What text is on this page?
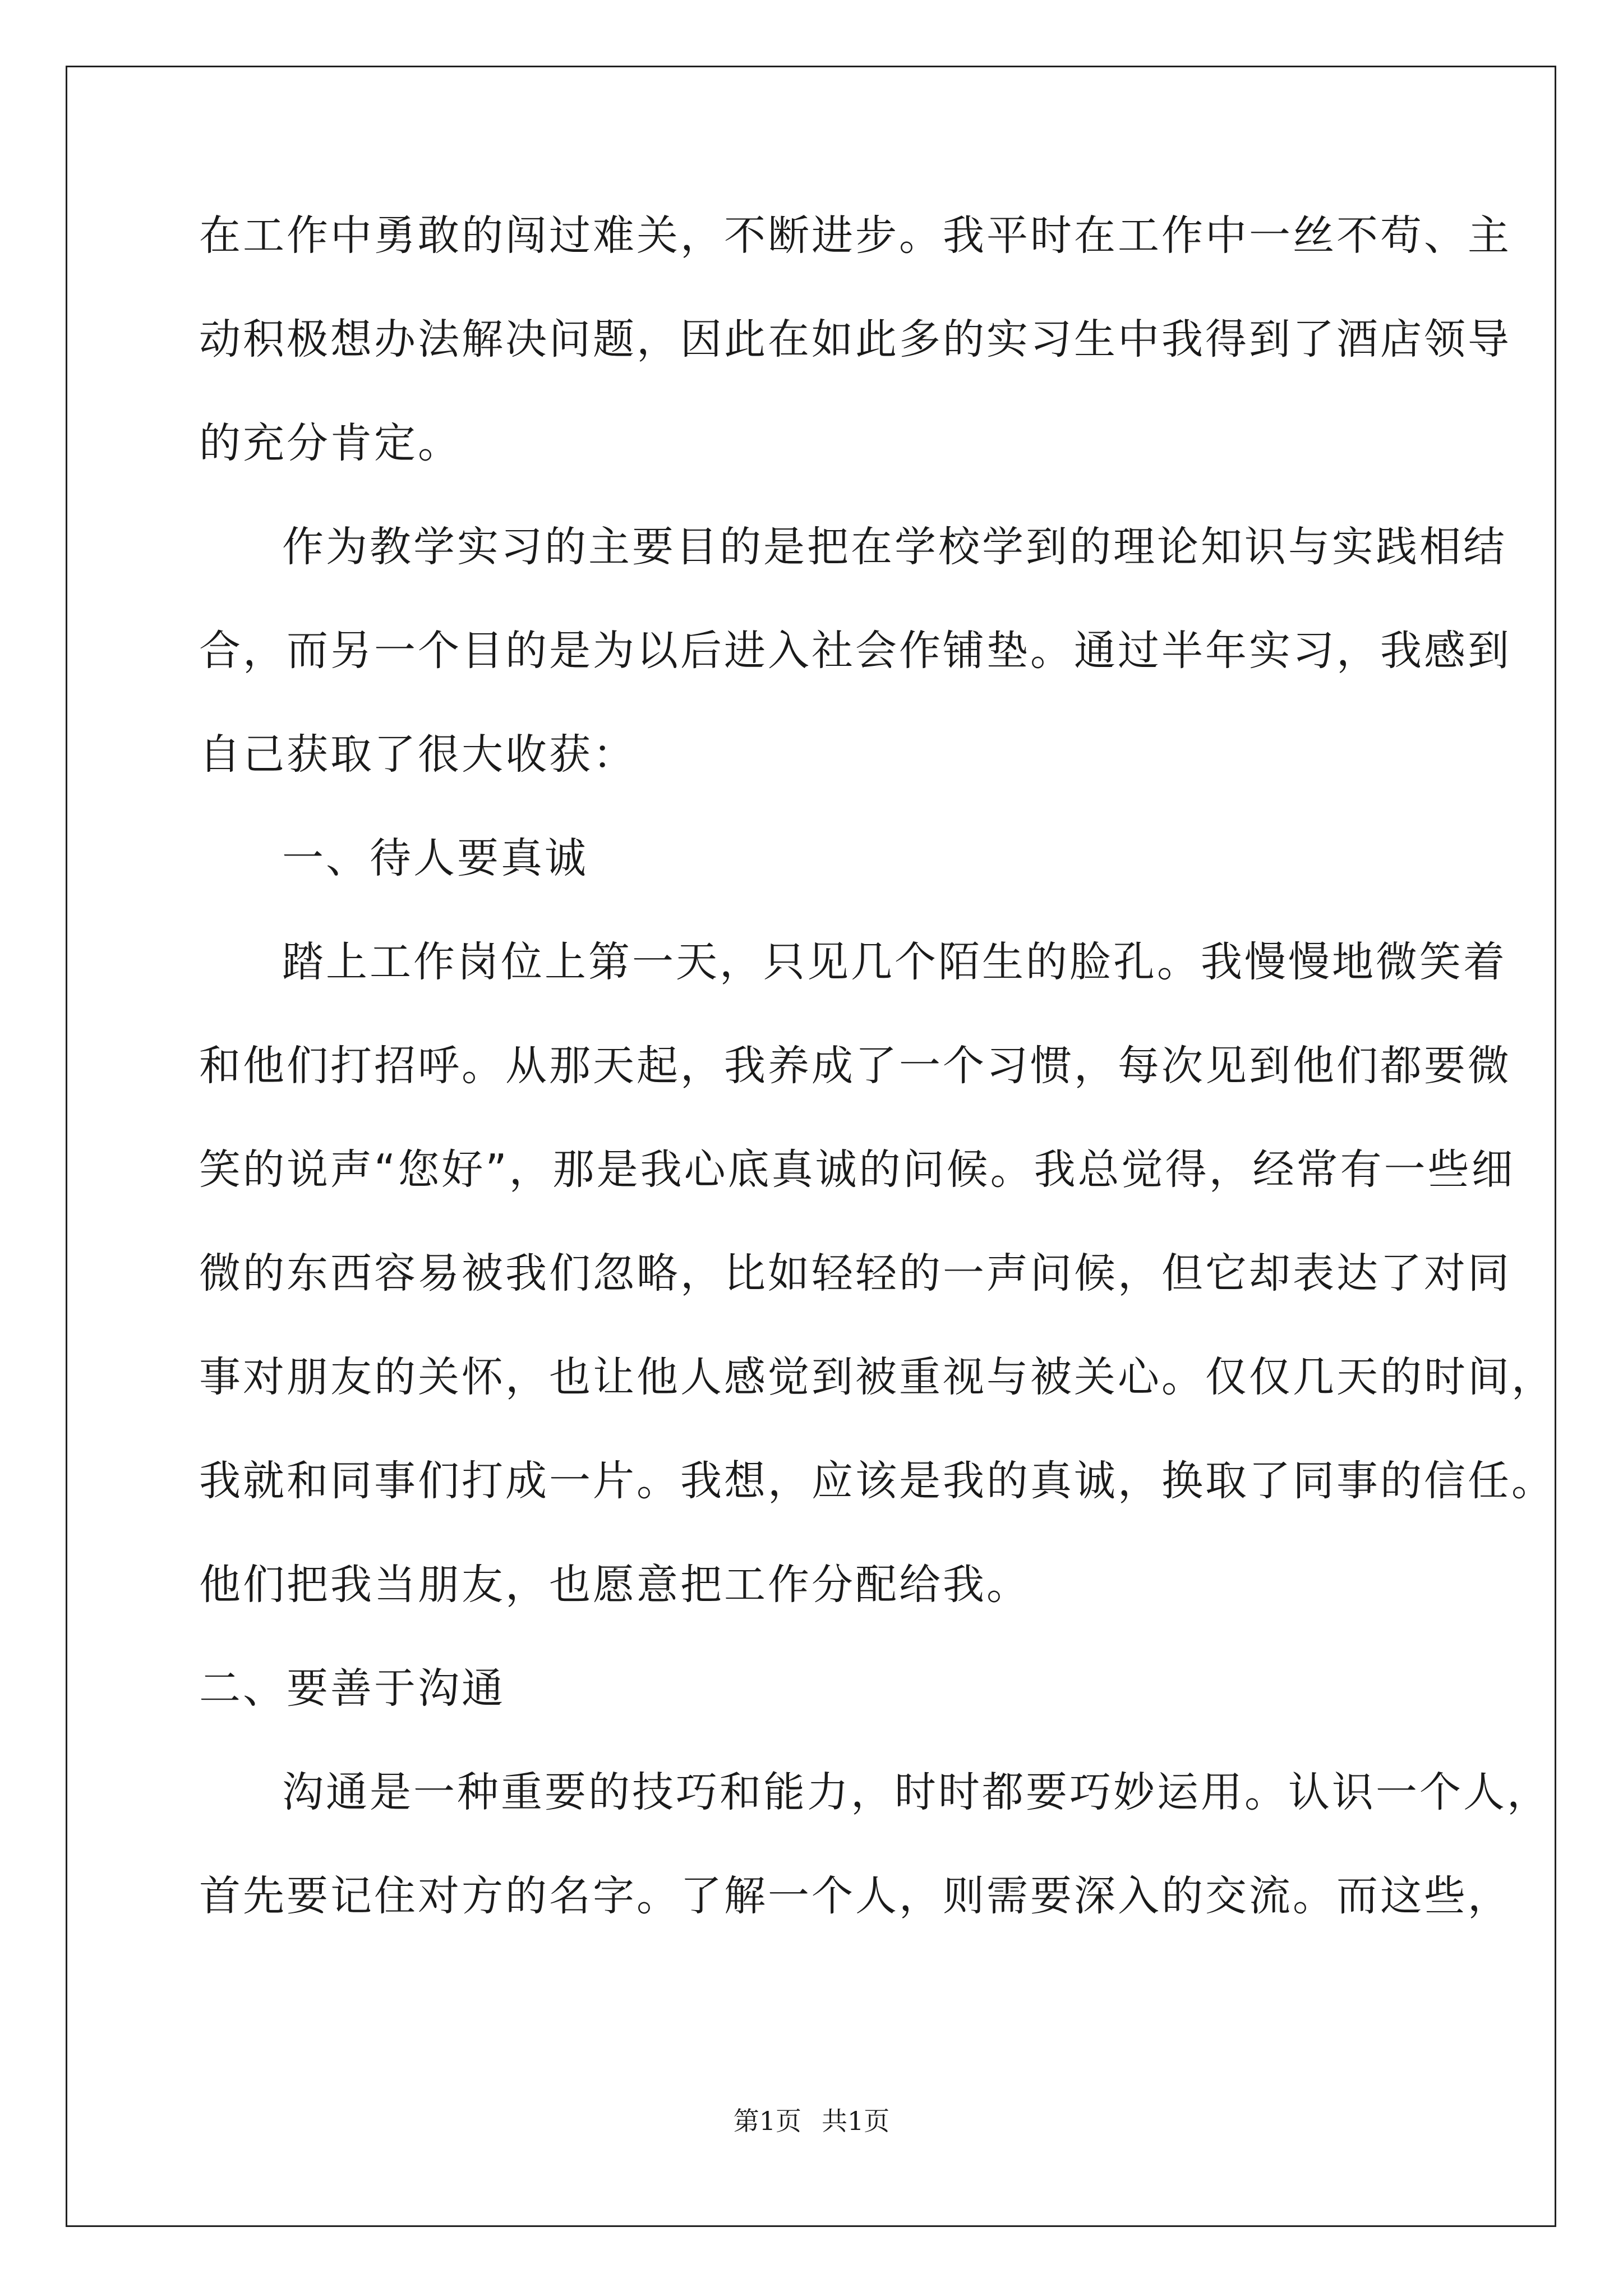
在工作中勇敢的闯过难关，不断进步。我平时在工作中一丝不苟、主
动积极想办法解决问题，因此在如此多的实习生中我得到了酒店领导
的充分肯定。
作为教学实习的主要目的是把在学校学到的理论知识与实践相结
合，而另一个目的是为以后进入社会作铺垫。通过半年实习，我感到
自己获取了很大收获：
一、待人要真诚
踏上工作岗位上第一天，只见几个陌生的脸孔。我慢慢地微笑着
和他们打招呼。从那天起，我养成了一个习惯，每次见到他们都要微
笑的说声“您好”，那是我心底真诚的问候。我总觉得，经常有一些细
微的东西容易被我们忽略，比如轻轻的一声问候，但它却表达了对同
事对朋友的关怀，也让他人感觉到被重视与被关心。仅仅几天的时间，
我就和同事们打成一片。我想，应该是我的真诚，换取了同事的信任。
他们把我当朋友，也愿意把工作分配给我。
二、要善于沟通
沟通是一种重要的技巧和能力，时时都要巧妙运用。认识一个人，
首先要记住对方的名字。了解一个人，则需要深入的交流。而这些，
第1页 共1页
